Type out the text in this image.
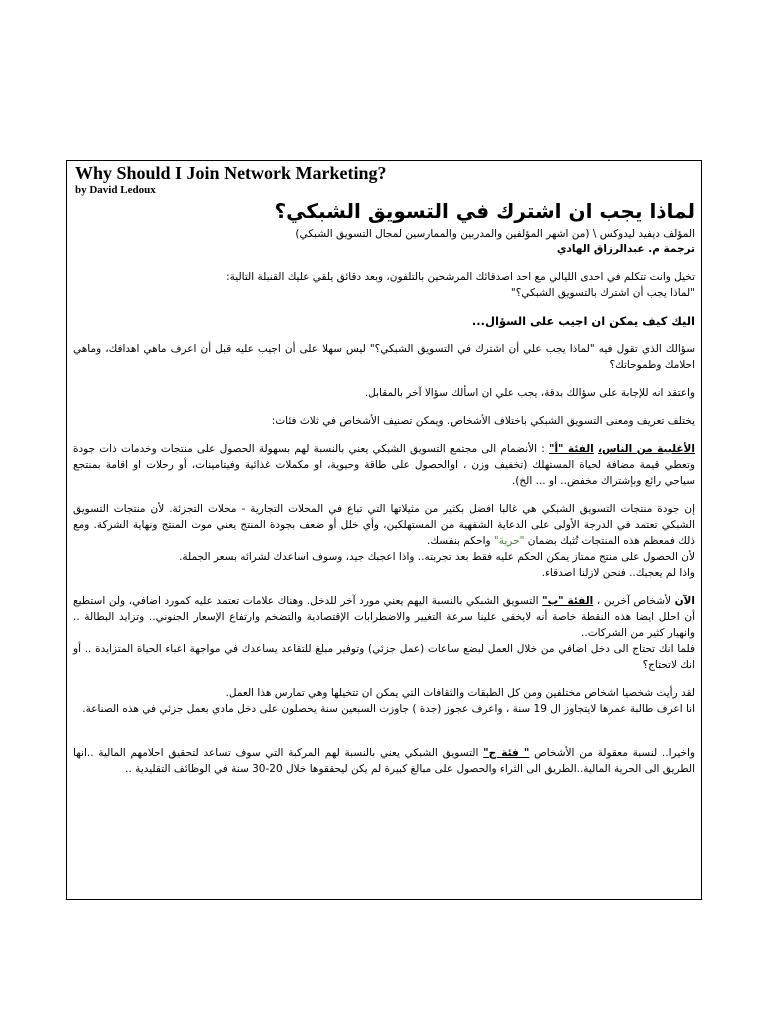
Why Should I Join Network Marketing?
by David Ledoux
لماذا يجب ان اشترك في التسويق الشبكي؟
المؤلف ديفيد ليدوكس \ (من اشهر المؤلفين والمدربين والممارسين لمجال التسويق الشبكي)
ترجمة م. عبدالرزاق الهادي
تخيل وانت تتكلم في احدى الليالي مع احد اصدقائك المرشحين بالتلفون، وبعد دقائق يلقي عليك القنبلة التالية:
"لماذا يجب أن اشترك بالتسويق الشبكي؟"
اليك كيف يمكن ان اجيب على السؤال...
سؤالك الذي تقول فيه "لماذا يجب علي أن اشترك في التسويق الشبكي؟" ليس سهلا على أن اجيب عليه قبل أن اعرف ماهي اهدافك، وماهي احلامك وطموحاتك؟
واعتقد انه للإجابة على سؤالك بدقة، يجب علي ان اسألك سؤالا آخر بالمقابل.
يختلف تعريف ومعنى التسويق الشبكي باختلاف الأشخاص. ويمكن تصنيف الأشخاص في ثلاث فئات:
الأغلبية من الناس، الفئة "أ" : الأنضمام الى مجتمع التسويق الشبكي يعني بالنسبة لهم بسهولة الحصول على منتجات وخدمات ذات جودة وتعطي قيمة مضافة لحياة المستهلك (تخفيف وزن ، اوالحصول على طاقة وحيوية، او مكملات غذائية وفيتامينات، أو رحلات او اقامة بمنتجع سياحي رائع وبإشتراك مخفض.. او ... الخ).
إن جودة منتجات التسويق الشبكي هي غالبا افضل بكثير من مثيلاتها التي تباع في المحلات التجارية - محلات التجزئة. لأن منتجات التسويق الشبكي تعتمد في الدرجة الأولى على الدعاية الشفهية من المستهلكين، وأي خلل أو ضعف بجودة المنتج يعني موت المنتج ونهاية الشركة. ومع ذلك فمعظم هذه المنتجات تُثبك بضمان "حرية" واحكم بنفسك.
لأن الحصول على منتج ممتاز يمكن الحكم عليه فقط بعد تجربته.. واذا اعجبك جيد، وسوف اساعدك لشرائه بسعر الجملة.
واذا لم يعجبك.. فنحن لازلنا اصدقاء.
الآن لأشخاص آخرين ، الفئة "ب" التسويق الشبكي بالنسبة اليهم يعني مورد آخر للدخل. وهناك علامات تعتمد عليه كمورد اضافي، ولن استطيع أن احلل ايضا هذه النقطة خاصة أنه لايخفى علينا سرعة التغيير والاضطرابات الإقتصادية والتضخم وارتفاع الإسعار الجنوني.. وتزايد البطالة .. وانهيار كثير من الشركات..
فلما انك تحتاج الى دخل اضافي من خلال العمل لبضع ساعات (عمل جزئي) وتوفير مبلغ للتقاعد يساعدك في مواجهة اعباء الحياة المتزايدة .. أو انك لاتحتاج؟
لقد رأيت شخصيا اشخاص مختلفين ومن كل الطبقات والثقافات التي يمكن ان تتخيلها وهي تمارس هذا العمل.
انا اعرف طالبة عمرها لايتجاوز ال 19 سنة ، واعرف عجوز (جدة ) جاوزت السبعين سنة يحصلون على دخل مادي بعمل جزئي في هذه الصناعة.
واخيرا.. لنسبة معقولة من الأشخاص " فئة ج" التسويق الشبكي يعني بالنسبة لهم المركبة التي سوف تساعد لتحقيق احلامهم المالية ..انها الطريق الى الحرية المالية..الطريق الى الثراء والحصول على مبالغ كبيرة لم يكن ليحققوها خلال 20-30 سنة في الوظائف التقليدية ..
